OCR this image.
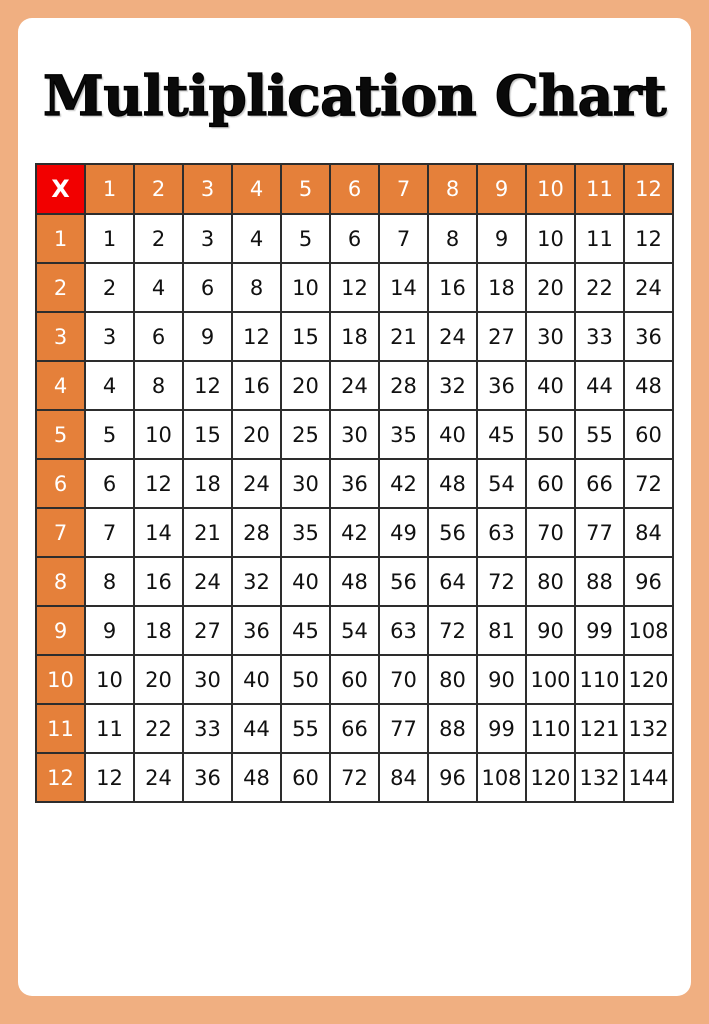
Multiplication Chart
X	1	2	3	4	5	6	7	8	9	10	11	12
1	1	2	3	4	5	6	7	8	9	10	11	12
2	2	4	6	8	10	12	14	16	18	20	22	24
3	3	6	9	12	15	18	21	24	27	30	33	36
4	4	8	12	16	20	24	28	32	36	40	44	48
5	5	10	15	20	25	30	35	40	45	50	55	60
6	6	12	18	24	30	36	42	48	54	60	66	72
7	7	14	21	28	35	42	49	56	63	70	77	84
8	8	16	24	32	40	48	56	64	72	80	88	96
9	9	18	27	36	45	54	63	72	81	90	99	108
10	10	20	30	40	50	60	70	80	90	100	110	120
11	11	22	33	44	55	66	77	88	99	110	121	132
12	12	24	36	48	60	72	84	96	108	120	132	144
